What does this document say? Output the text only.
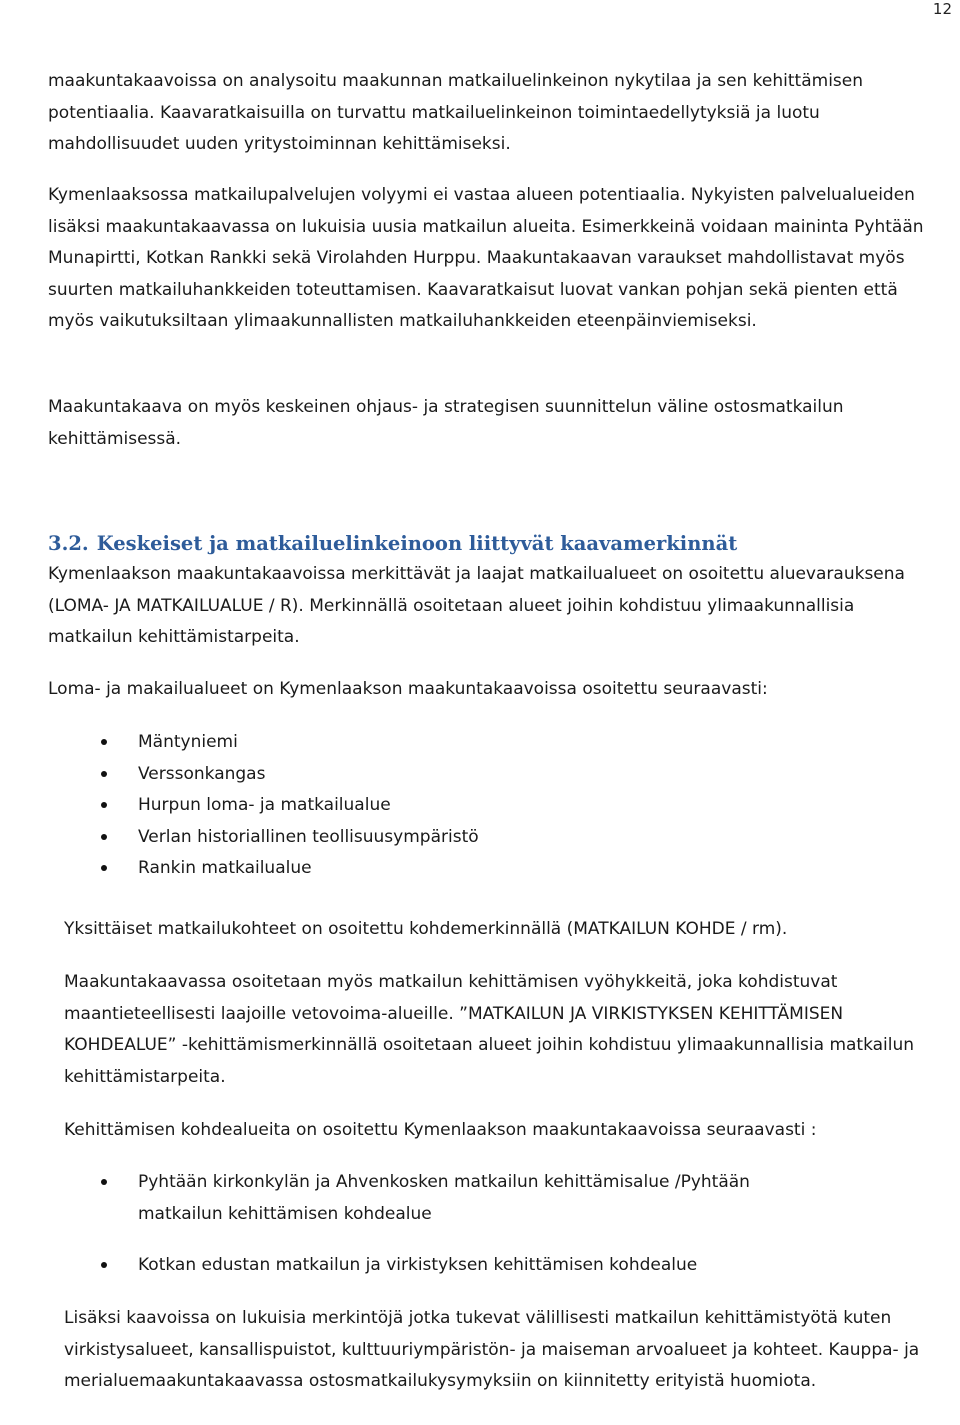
12

maakuntakaavoissa on analysoitu maakunnan matkailuelinkeinon nykytilaa ja sen kehittämisen potentiaalia. Kaavaratkaisuilla on turvattu matkailuelinkeinon toimintaedellytyksiä ja luotu mahdollisuudet uuden yritystoiminnan kehittämiseksi.

Kymenlaaksossa matkailupalvelujen volyymi ei vastaa alueen potentiaalia. Nykyisten palvelualueiden lisäksi maakuntakaavassa on lukuisia uusia matkailun alueita. Esimerkkeinä voidaan maininta Pyhtään Munapirtti, Kotkan Rankki sekä Virolahden Hurppu. Maakuntakaavan varaukset mahdollistavat myös suurten matkailuhankkeiden toteuttamisen. Kaavaratkaisut luovat vankan pohjan sekä pienten että myös vaikutuksiltaan ylimaakunnallisten matkailuhankkeiden eteenpäinviemiseksi.

Maakuntakaava on myös keskeinen ohjaus- ja strategisen suunnittelun väline ostosmatkailun kehittämisessä.

3.2. Keskeiset ja matkailuelinkeinoon liittyvät kaavamerkinnät

Kymenlaakson maakuntakaavoissa merkittävät ja laajat matkailualueet on osoitettu aluevarauksena (LOMA- JA MATKAILUALUE / R). Merkinnällä osoitetaan alueet joihin kohdistuu ylimaakunnallisia matkailun kehittämistarpeita.

Loma- ja makailualueet on Kymenlaakson maakuntakaavoissa osoitettu seuraavasti:

Mäntyniemi
Verssonkangas
Hurpun loma- ja matkailualue
Verlan historiallinen teollisuusympäristö
Rankin matkailualue

Yksittäiset matkailukohteet on osoitettu kohdemerkinnällä (MATKAILUN KOHDE / rm).

Maakuntakaavassa osoitetaan myös matkailun kehittämisen vyöhykkeitä, joka kohdistuvat maantieteellisesti laajoille vetovoima-alueille. ”MATKAILUN JA VIRKISTYKSEN KEHITTÄMISEN KOHDEALUE” -kehittämismerkinnällä osoitetaan alueet joihin kohdistuu ylimaakunnallisia matkailun kehittämistarpeita.

Kehittämisen kohdealueita on osoitettu Kymenlaakson maakuntakaavoissa seuraavasti :

Pyhtään kirkonkylän ja Ahvenkosken matkailun kehittämisalue /Pyhtään matkailun kehittämisen kohdealue
Kotkan edustan matkailun ja virkistyksen kehittämisen kohdealue

Lisäksi kaavoissa on lukuisia merkintöjä jotka tukevat välillisesti matkailun kehittämistyötä kuten virkistysalueet, kansallispuistot, kulttuuriympäristön- ja maiseman arvoalueet ja kohteet. Kauppa- ja merialuemaakuntakaavassa ostosmatkailukysymyksiin on kiinnitetty erityistä huomiota.
